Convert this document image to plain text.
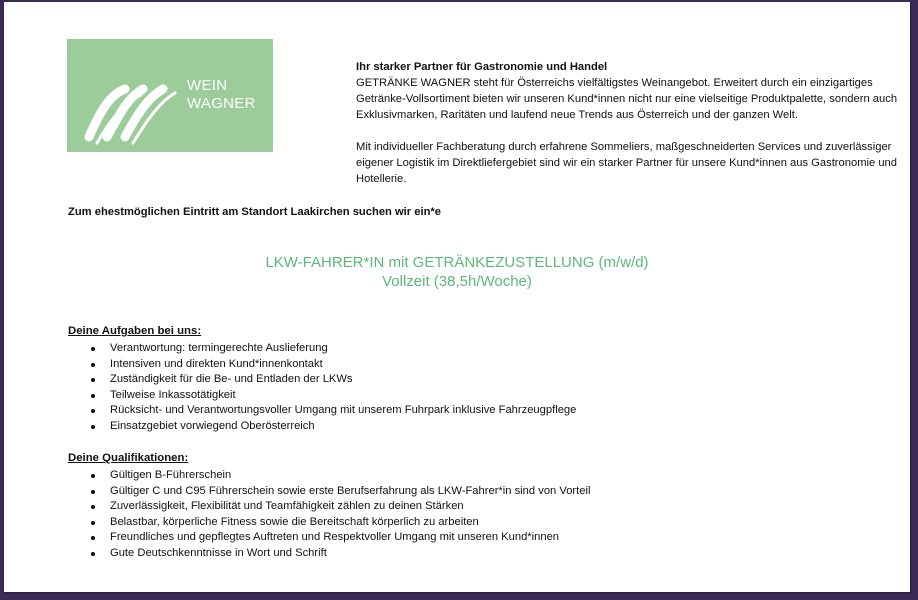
WEIN
WAGNER

Ihr starker Partner für Gastronomie und Handel

GETRÄNKE WAGNER steht für Österreichs vielfältigstes Weinangebot. Erweitert durch ein einzigartiges Getränke-Vollsortiment bieten wir unseren Kund*innen nicht nur eine vielseitige Produktpalette, sondern auch Exklusivmarken, Raritäten und laufend neue Trends aus Österreich und der ganzen Welt.

Mit individueller Fachberatung durch erfahrene Sommeliers, maßgeschneiderten Services und zuverlässiger eigener Logistik im Direktliefergebiet sind wir ein starker Partner für unsere Kund*innen aus Gastronomie und Hotellerie.

Zum ehestmöglichen Eintritt am Standort Laakirchen suchen wir ein*e
LKW-FAHRER*IN mit GETRÄNKEZUSTELLUNG (m/w/d)
Vollzeit (38,5h/Woche)
Deine Aufgaben bei uns:
Verantwortung: termingerechte Auslieferung
Intensiven und direkten Kund*innenkontakt
Zuständigkeit für die Be- und Entladen der LKWs
Teilweise Inkassotätigkeit
Rücksicht- und Verantwortungsvoller Umgang mit unserem Fuhrpark inklusive Fahrzeugpflege
Einsatzgebiet vorwiegend Oberösterreich
Deine Qualifikationen:
Gültigen B-Führerschein
Gültiger C und C95 Führerschein sowie erste Berufserfahrung als LKW-Fahrer*in sind von Vorteil
Zuverlässigkeit, Flexibilität und Teamfähigkeit zählen zu deinen Stärken
Belastbar, körperliche Fitness sowie die Bereitschaft körperlich zu arbeiten
Freundliches und gepflegtes Auftreten und Respektvoller Umgang mit unseren Kund*innen
Gute Deutschkenntnisse in Wort und Schrift
